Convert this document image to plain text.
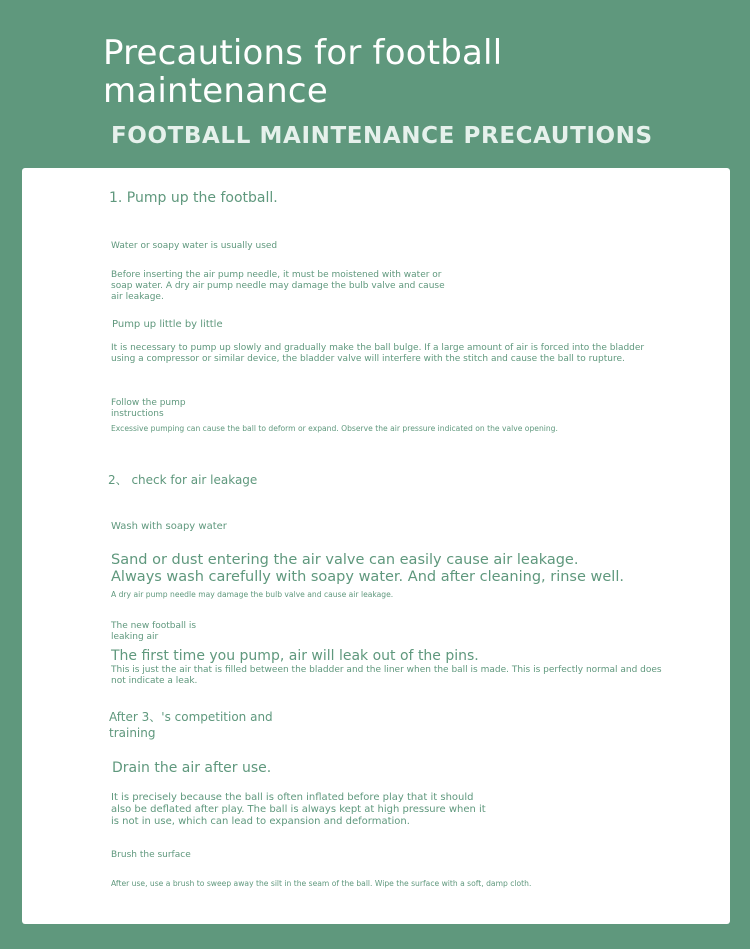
Precautions for football maintenance
FOOTBALL MAINTENANCE PRECAUTIONS

1. Pump up the football.

Water or soapy water is usually used

Before inserting the air pump needle, it must be moistened with water or soap water. A dry air pump needle may damage the bulb valve and cause air leakage.

Pump up little by little

It is necessary to pump up slowly and gradually make the ball bulge. If a large amount of air is forced into the bladder using a compressor or similar device, the bladder valve will interfere with the stitch and cause the ball to rupture.

Follow the pump instructions

Excessive pumping can cause the ball to deform or expand. Observe the air pressure indicated on the valve opening.

2、 check for air leakage

Wash with soapy water

Sand or dust entering the air valve can easily cause air leakage. Always wash carefully with soapy water. And after cleaning, rinse well.

A dry air pump needle may damage the bulb valve and cause air leakage.

The new football is leaking air

The first time you pump, air will leak out of the pins.

This is just the air that is filled between the bladder and the liner when the ball is made. This is perfectly normal and does not indicate a leak.

After 3、's competition and training

Drain the air after use.

It is precisely because the ball is often inflated before play that it should also be deflated after play. The ball is always kept at high pressure when it is not in use, which can lead to expansion and deformation.

Brush the surface

After use, use a brush to sweep away the silt in the seam of the ball. Wipe the surface with a soft, damp cloth.
